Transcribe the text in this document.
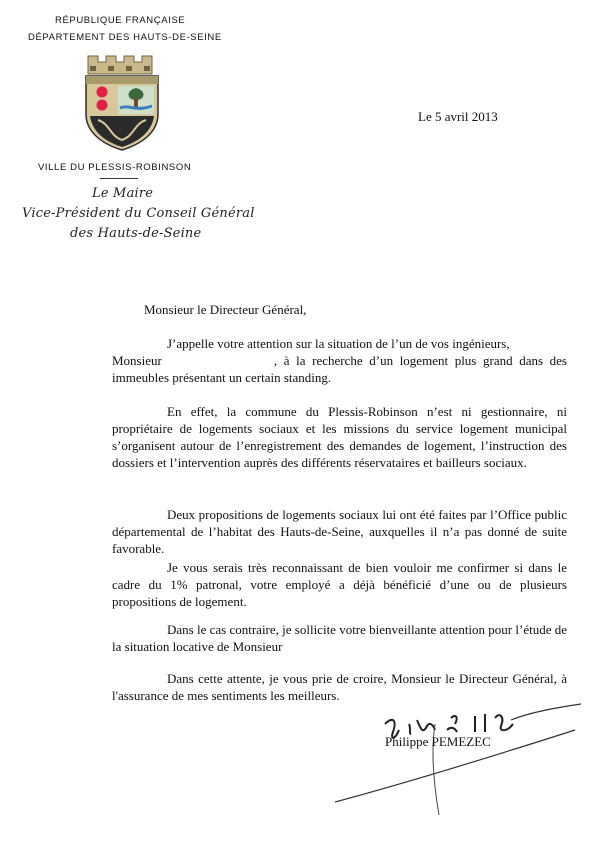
RÉPUBLIQUE FRANÇAISE
DÉPARTEMENT DES HAUTS-DE-SEINE
VILLE DU PLESSIS-ROBINSON
Le Maire
Vice-Président du Conseil Général
des Hauts-de-Seine
Le 5 avril 2013
Monsieur le Directeur Général,
J’appelle votre attention sur la situation de l’un de vos ingénieurs,
Monsieur	, à la recherche d’un logement plus grand dans des immeubles présentant un certain standing.
En effet, la commune du Plessis-Robinson n’est ni gestionnaire, ni propriétaire de logements sociaux et les missions du service logement municipal s’organisent autour de l’enregistrement des demandes de logement, l’instruction des dossiers et l’intervention auprès des différents réservataires et bailleurs sociaux.
Deux propositions de logements sociaux lui ont été faites par l’Office public départemental de l’habitat des Hauts-de-Seine, auxquelles il n’a pas donné de suite favorable.
Je vous serais très reconnaissant de bien vouloir me confirmer si dans le cadre du 1% patronal, votre employé a déjà bénéficié d’une ou de plusieurs propositions de logement.
Dans le cas contraire, je sollicite votre bienveillante attention pour l’étude de la situation locative de Monsieur
Dans cette attente, je vous prie de croire, Monsieur le Directeur Général, à l'assurance de mes sentiments les meilleurs.
Philippe PEMEZEC
